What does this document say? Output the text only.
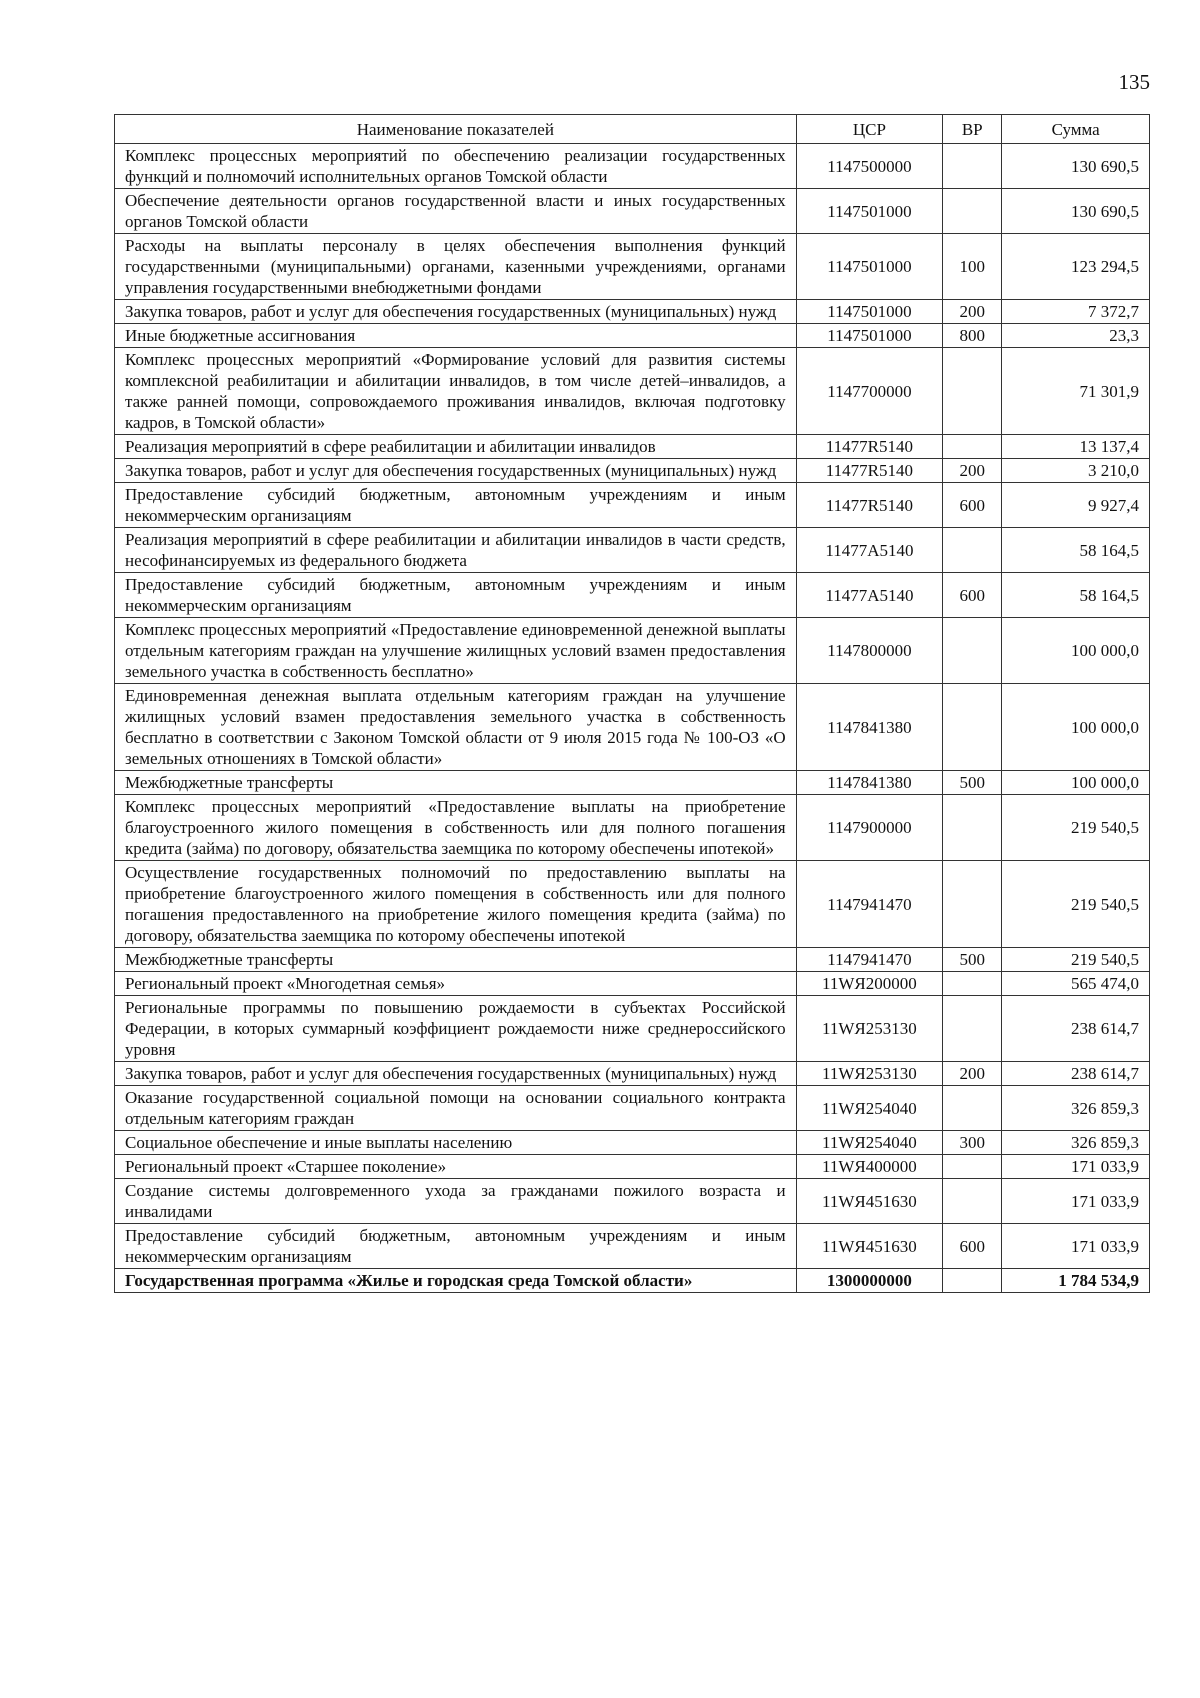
135
Наименование показателей	ЦСР	ВР	Сумма
Комплекс процессных мероприятий по обеспечению реализации государственных функций и полномочий исполнительных органов Томской области	1147500000		130 690,5
Обеспечение деятельности органов государственной власти и иных государственных органов Томской области	1147501000		130 690,5
Расходы на выплаты персоналу в целях обеспечения выполнения функций государственными (муниципальными) органами, казенными учреждениями, органами управления государственными внебюджетными фондами	1147501000	100	123 294,5
Закупка товаров, работ и услуг для обеспечения государственных (муниципальных) нужд	1147501000	200	7 372,7
Иные бюджетные ассигнования	1147501000	800	23,3
Комплекс процессных мероприятий «Формирование условий для развития системы комплексной реабилитации и абилитации инвалидов, в том числе детей–инвалидов, а также ранней помощи, сопровождаемого проживания инвалидов, включая подготовку кадров, в Томской области»	1147700000		71 301,9
Реализация мероприятий в сфере реабилитации и абилитации инвалидов	11477R5140		13 137,4
Закупка товаров, работ и услуг для обеспечения государственных (муниципальных) нужд	11477R5140	200	3 210,0
Предоставление субсидий бюджетным, автономным учреждениям и иным некоммерческим организациям	11477R5140	600	9 927,4
Реализация мероприятий в сфере реабилитации и абилитации инвалидов в части средств, несофинансируемых из федерального бюджета	11477A5140		58 164,5
Предоставление субсидий бюджетным, автономным учреждениям и иным некоммерческим организациям	11477A5140	600	58 164,5
Комплекс процессных мероприятий «Предоставление единовременной денежной выплаты отдельным категориям граждан на улучшение жилищных условий взамен предоставления земельного участка в собственность бесплатно»	1147800000		100 000,0
Единовременная денежная выплата отдельным категориям граждан на улучшение жилищных условий взамен предоставления земельного участка в собственность бесплатно в соответствии с Законом Томской области от 9 июля 2015 года № 100-ОЗ «О земельных отношениях в Томской области»	1147841380		100 000,0
Межбюджетные трансферты	1147841380	500	100 000,0
Комплекс процессных мероприятий «Предоставление выплаты на приобретение благоустроенного жилого помещения в собственность или для полного погашения кредита (займа) по договору, обязательства заемщика по которому обеспечены ипотекой»	1147900000		219 540,5
Осуществление государственных полномочий по предоставлению выплаты на приобретение благоустроенного жилого помещения в собственность или для полного погашения предоставленного на приобретение жилого помещения кредита (займа) по договору, обязательства заемщика по которому обеспечены ипотекой	1147941470		219 540,5
Межбюджетные трансферты	1147941470	500	219 540,5
Региональный проект «Многодетная семья»	11WЯ200000		565 474,0
Региональные программы по повышению рождаемости в субъектах Российской Федерации, в которых суммарный коэффициент рождаемости ниже среднероссийского уровня	11WЯ253130		238 614,7
Закупка товаров, работ и услуг для обеспечения государственных (муниципальных) нужд	11WЯ253130	200	238 614,7
Оказание государственной социальной помощи на основании социального контракта отдельным категориям граждан	11WЯ254040		326 859,3
Социальное обеспечение и иные выплаты населению	11WЯ254040	300	326 859,3
Региональный проект «Старшее поколение»	11WЯ400000		171 033,9
Создание системы долговременного ухода за гражданами пожилого возраста и инвалидами	11WЯ451630		171 033,9
Предоставление субсидий бюджетным, автономным учреждениям и иным некоммерческим организациям	11WЯ451630	600	171 033,9
Государственная программа «Жилье и городская среда Томской области»	1300000000		1 784 534,9
